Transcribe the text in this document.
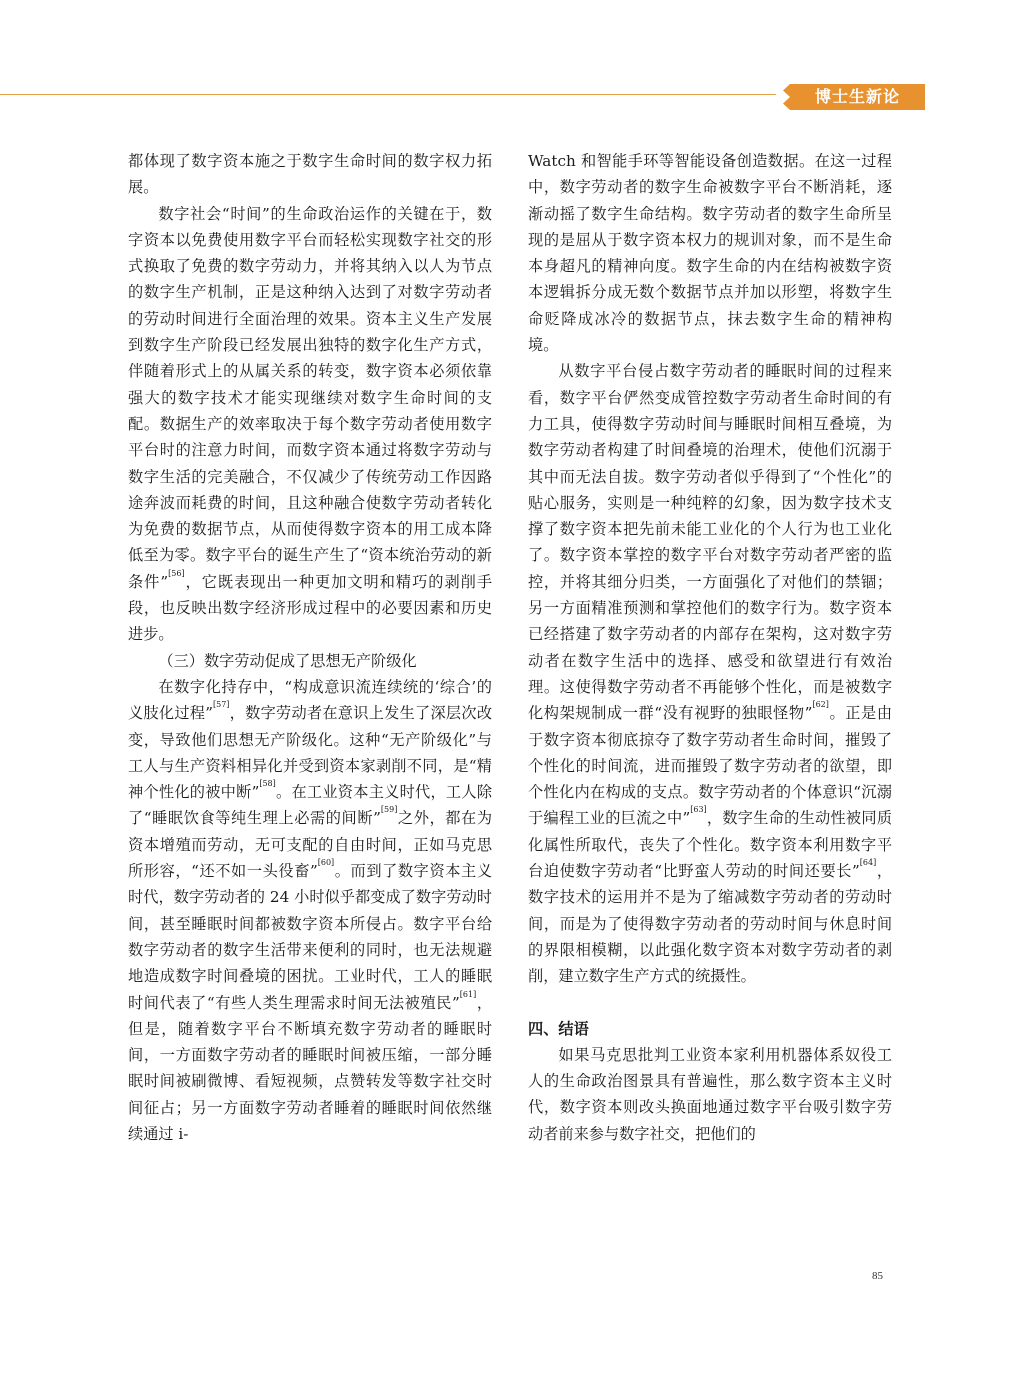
博士生新论

都体现了数字资本施之于数字生命时间的数字权力拓展。

数字社会“时间”的生命政治运作的关键在于，数字资本以免费使用数字平台而轻松实现数字社交的形式换取了免费的数字劳动力，并将其纳入以人为节点的数字生产机制，正是这种纳入达到了对数字劳动者的劳动时间进行全面治理的效果。资本主义生产发展到数字生产阶段已经发展出独特的数字化生产方式，伴随着形式上的从属关系的转变，数字资本必须依靠强大的数字技术才能实现继续对数字生命时间的支配。数据生产的效率取决于每个数字劳动者使用数字平台时的注意力时间，而数字资本通过将数字劳动与数字生活的完美融合，不仅减少了传统劳动工作因路途奔波而耗费的时间，且这种融合使数字劳动者转化为免费的数据节点，从而使得数字资本的用工成本降低至为零。数字平台的诞生产生了“资本统治劳动的新条件”[56]，它既表现出一种更加文明和精巧的剥削手段，也反映出数字经济形成过程中的必要因素和历史进步。

（三）数字劳动促成了思想无产阶级化

在数字化持存中，“构成意识流连续统的‘综合’的义肢化过程”[57]，数字劳动者在意识上发生了深层次改变，导致他们思想无产阶级化。这种“无产阶级化”与工人与生产资料相异化并受到资本家剥削不同，是“精神个性化的被中断”[58]。在工业资本主义时代，工人除了“睡眠饮食等纯生理上必需的间断”[59]之外，都在为资本增殖而劳动，无可支配的自由时间，正如马克思所形容，“还不如一头役畜”[60]。而到了数字资本主义时代，数字劳动者的 24 小时似乎都变成了数字劳动时间，甚至睡眠时间都被数字资本所侵占。数字平台给数字劳动者的数字生活带来便利的同时，也无法规避地造成数字时间叠境的困扰。工业时代，工人的睡眠时间代表了“有些人类生理需求时间无法被殖民”[61]，但是，随着数字平台不断填充数字劳动者的睡眠时间，一方面数字劳动者的睡眠时间被压缩，一部分睡眠时间被刷微博、看短视频，点赞转发等数字社交时间征占；另一方面数字劳动者睡着的睡眠时间依然继续通过 i-

Watch 和智能手环等智能设备创造数据。在这一过程中，数字劳动者的数字生命被数字平台不断消耗，逐渐动摇了数字生命结构。数字劳动者的数字生命所呈现的是屈从于数字资本权力的规训对象，而不是生命本身超凡的精神向度。数字生命的内在结构被数字资本逻辑拆分成无数个数据节点并加以形塑，将数字生命贬降成冰冷的数据节点，抹去数字生命的精神构境。

从数字平台侵占数字劳动者的睡眠时间的过程来看，数字平台俨然变成管控数字劳动者生命时间的有力工具，使得数字劳动时间与睡眠时间相互叠境，为数字劳动者构建了时间叠境的治理术，使他们沉溺于其中而无法自拔。数字劳动者似乎得到了“个性化”的贴心服务，实则是一种纯粹的幻象，因为数字技术支撑了数字资本把先前未能工业化的个人行为也工业化了。数字资本掌控的数字平台对数字劳动者严密的监控，并将其细分归类，一方面强化了对他们的禁锢；另一方面精准预测和掌控他们的数字行为。数字资本已经搭建了数字劳动者的内部存在架构，这对数字劳动者在数字生活中的选择、感受和欲望进行有效治理。这使得数字劳动者不再能够个性化，而是被数字化构架规制成一群“没有视野的独眼怪物”[62]。正是由于数字资本彻底掠夺了数字劳动者生命时间，摧毁了个性化的时间流，进而摧毁了数字劳动者的欲望，即个性化内在构成的支点。数字劳动者的个体意识“沉溺于编程工业的巨流之中”[63]，数字生命的生动性被同质化属性所取代，丧失了个性化。数字资本利用数字平台迫使数字劳动者“比野蛮人劳动的时间还要长”[64]，数字技术的运用并不是为了缩减数字劳动者的劳动时间，而是为了使得数字劳动者的劳动时间与休息时间的界限相模糊，以此强化数字资本对数字劳动者的剥削，建立数字生产方式的统摄性。

四、结语

如果马克思批判工业资本家利用机器体系奴役工人的生命政治图景具有普遍性，那么数字资本主义时代，数字资本则改头换面地通过数字平台吸引数字劳动者前来参与数字社交，把他们的

85
